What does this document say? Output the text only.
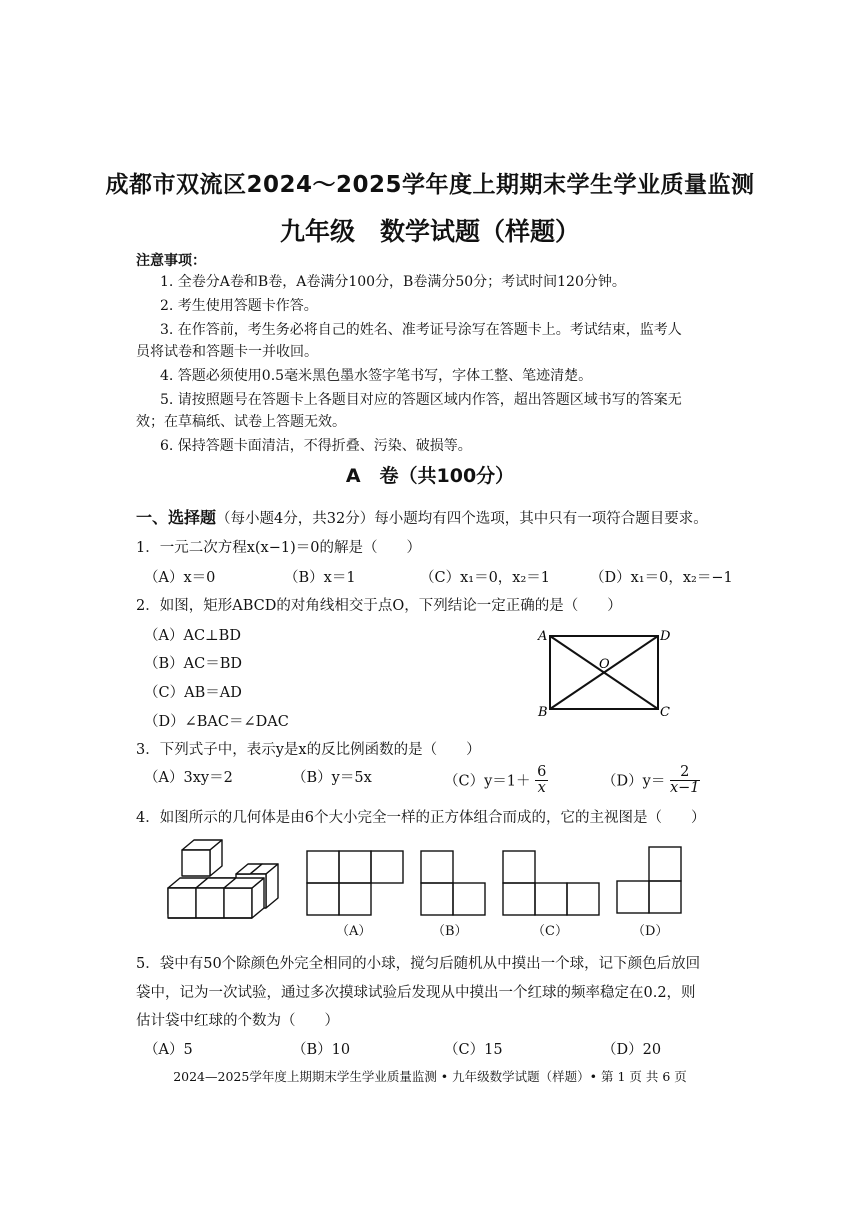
成都市双流区2024～2025学年度上期期末学生学业质量监测
九年级　数学试题（样题）
注意事项：
1. 全卷分A卷和B卷，A卷满分100分，B卷满分50分；考试时间120分钟。
2. 考生使用答题卡作答。
3. 在作答前，考生务必将自己的姓名、准考证号涂写在答题卡上。考试结束，监考人
员将试卷和答题卡一并收回。
4. 答题必须使用0.5毫米黑色墨水签字笔书写，字体工整、笔迹清楚。
5. 请按照题号在答题卡上各题目对应的答题区域内作答，超出答题区域书写的答案无
效；在草稿纸、试卷上答题无效。
6. 保持答题卡面清洁，不得折叠、污染、破损等。
A　卷（共100分）
一、选择题（每小题4分，共32分）每小题均有四个选项，其中只有一项符合题目要求。
1．一元二次方程x(x−1)＝0的解是（　　）
（A）x＝0	（B）x＝1	（C）x₁＝0，x₂＝1	（D）x₁＝0，x₂＝−1
2．如图，矩形ABCD的对角线相交于点O，下列结论一定正确的是（　　）
（A）AC⊥BD
（B）AC＝BD
（C）AB＝AD
（D）∠BAC＝∠DAC
A	D
B	C
O
3．下列式子中，表示y是x的反比例函数的是（　　）
（A）3xy＝2	（B）y＝5x	$(C)y=1+ \frac{6}{x}$	$(D)y= \frac{2}{x-1}$
4．如图所示的几何体是由6个大小完全一样的正方体组合而成的，它的主视图是（　　）
（A）	（B）	（C）	（D）
5．袋中有50个除颜色外完全相同的小球，搅匀后随机从中摸出一个球，记下颜色后放回
袋中，记为一次试验，通过多次摸球试验后发现从中摸出一个红球的频率稳定在0.2，则
估计袋中红球的个数为（　　）
（A）5	（B）10	（C）15	（D）20
2024—2025学年度上期期末学生学业质量监测 • 九年级数学试题（样题）• 第 1 页 共 6 页
